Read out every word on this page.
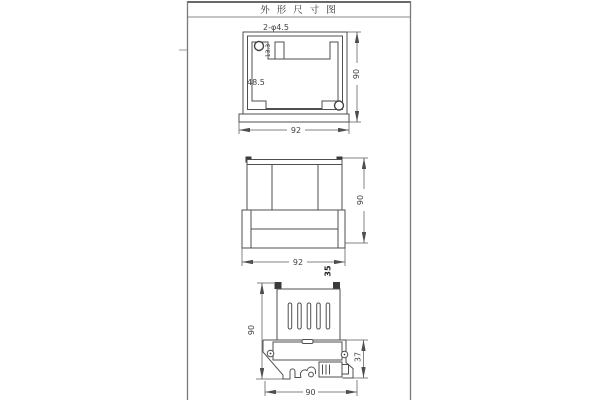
外 形 尺 寸 图
2-φ4.5
13.3
48.5
90
92
90
92
35
90
37
90
